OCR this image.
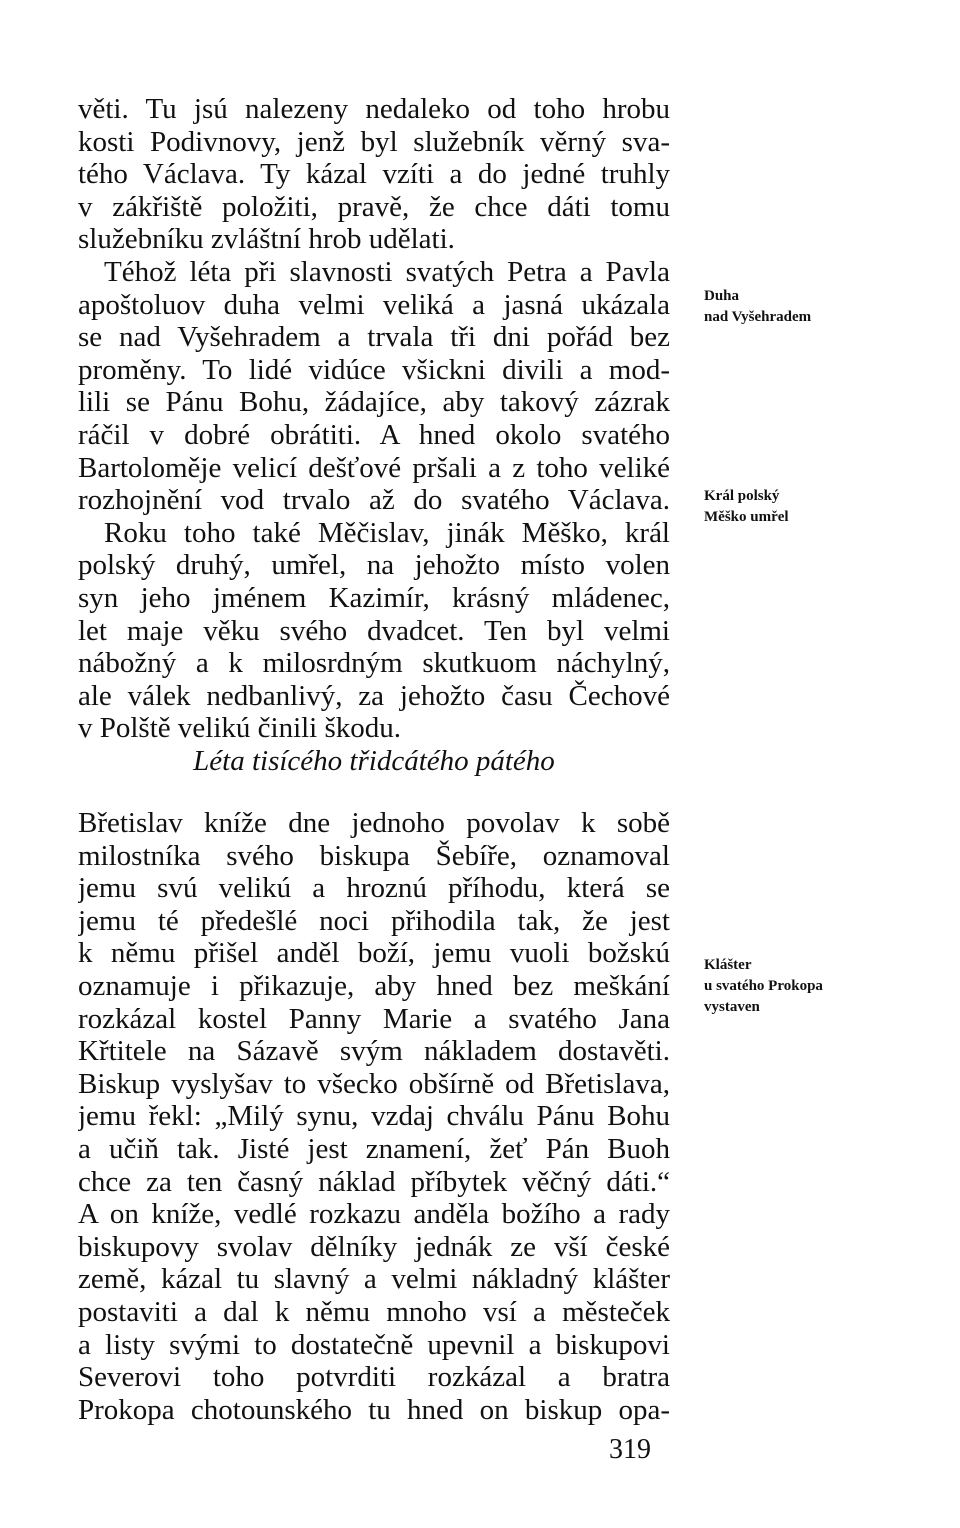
věti. Tu jsú nalezeny nedaleko od toho hrobu
kosti Podivnovy, jenž byl služebník věrný sva-
tého Václava. Ty kázal vzíti a do jedné truhly
v zákřiště položiti, pravě, že chce dáti tomu
služebníku zvláštní hrob udělati.
Téhož léta při slavnosti svatých Petra a Pavla
apoštoluov duha velmi veliká a jasná ukázala
se nad Vyšehradem a trvala tři dni pořád bez
proměny. To lidé vidúce všickni divili a mod-
lili se Pánu Bohu, žádajíce, aby takový zázrak
ráčil v dobré obrátiti. A hned okolo svatého
Bartoloměje velicí dešťové pršali a z toho veliké
rozhojnění vod trvalo až do svatého Václava.
Roku toho také Měčislav, jinák Měško, král
polský druhý, umřel, na jehožto místo volen
syn jeho jménem Kazimír, krásný mládenec,
let maje věku svého dvadcet. Ten byl velmi
nábožný a k milosrdným skutkuom náchylný,
ale válek nedbanlivý, za jehožto času Čechové
v Polště velikú činili škodu.
Léta tisícého třidcátého pátého
Břetislav kníže dne jednoho povolav k sobě
milostníka svého biskupa Šebíře, oznamoval
jemu svú velikú a hroznú příhodu, která se
jemu té předešlé noci přihodila tak, že jest
k němu přišel anděl boží, jemu vuoli božskú
oznamuje i přikazuje, aby hned bez meškání
rozkázal kostel Panny Marie a svatého Jana
Křtitele na Sázavě svým nákladem dostavěti.
Biskup vyslyšav to všecko obšírně od Břetislava,
jemu řekl: „Milý synu, vzdaj chválu Pánu Bohu
a učiň tak. Jisté jest znamení, žeť Pán Buoh
chce za ten časný náklad příbytek věčný dáti.“
A on kníže, vedlé rozkazu anděla božího a rady
biskupovy svolav dělníky jednák ze vší české
země, kázal tu slavný a velmi nákladný klášter
postaviti a dal k němu mnoho vsí a městeček
a listy svými to dostatečně upevnil a biskupovi
Severovi toho potvrditi rozkázal a bratra
Prokopa chotounského tu hned on biskup opa-
Duha
nad Vyšehradem
Král polský
Měško umřel
Klášter
u svatého Prokopa
vystaven
319
